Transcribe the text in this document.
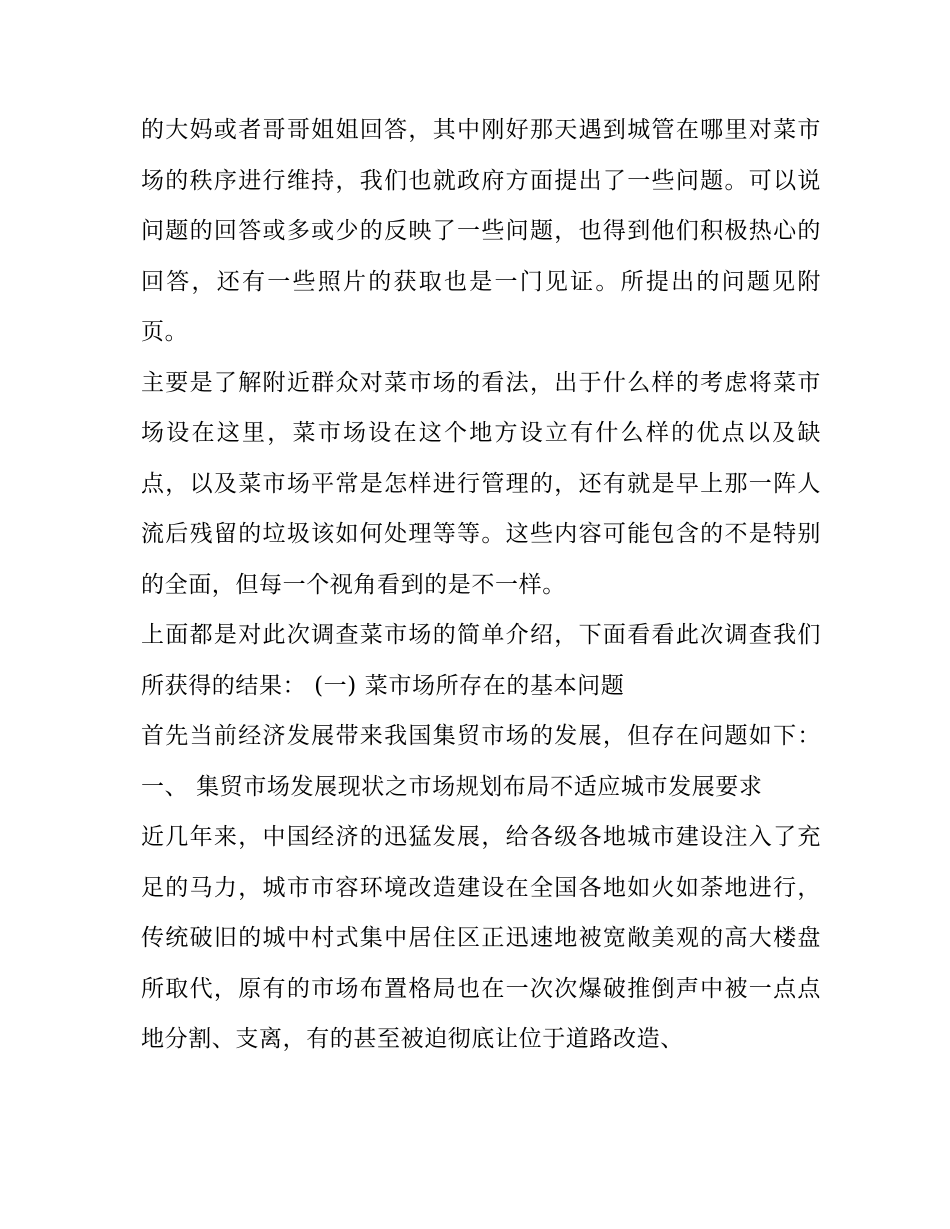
的大妈或者哥哥姐姐回答，其中刚好那天遇到城管在哪里对菜市场的秩序进行维持，我们也就政府方面提出了一些问题。可以说问题的回答或多或少的反映了一些问题，也得到他们积极热心的回答，还有一些照片的获取也是一门见证。所提出的问题见附页。

主要是了解附近群众对菜市场的看法，出于什么样的考虑将菜市场设在这里，菜市场设在这个地方设立有什么样的优点以及缺点，以及菜市场平常是怎样进行管理的，还有就是早上那一阵人流后残留的垃圾该如何处理等等。这些内容可能包含的不是特别的全面，但每一个视角看到的是不一样。

上面都是对此次调查菜市场的简单介绍，下面看看此次调查我们所获得的结果： (一) 菜市场所存在的基本问题

首先当前经济发展带来我国集贸市场的发展，但存在问题如下： 一、 集贸市场发展现状之市场规划布局不适应城市发展要求

近几年来，中国经济的迅猛发展，给各级各地城市建设注入了充足的马力，城市市容环境改造建设在全国各地如火如荼地进行，传统破旧的城中村式集中居住区正迅速地被宽敞美观的高大楼盘所取代，原有的市场布置格局也在一次次爆破推倒声中被一点点地分割、支离，有的甚至被迫彻底让位于道路改造、
